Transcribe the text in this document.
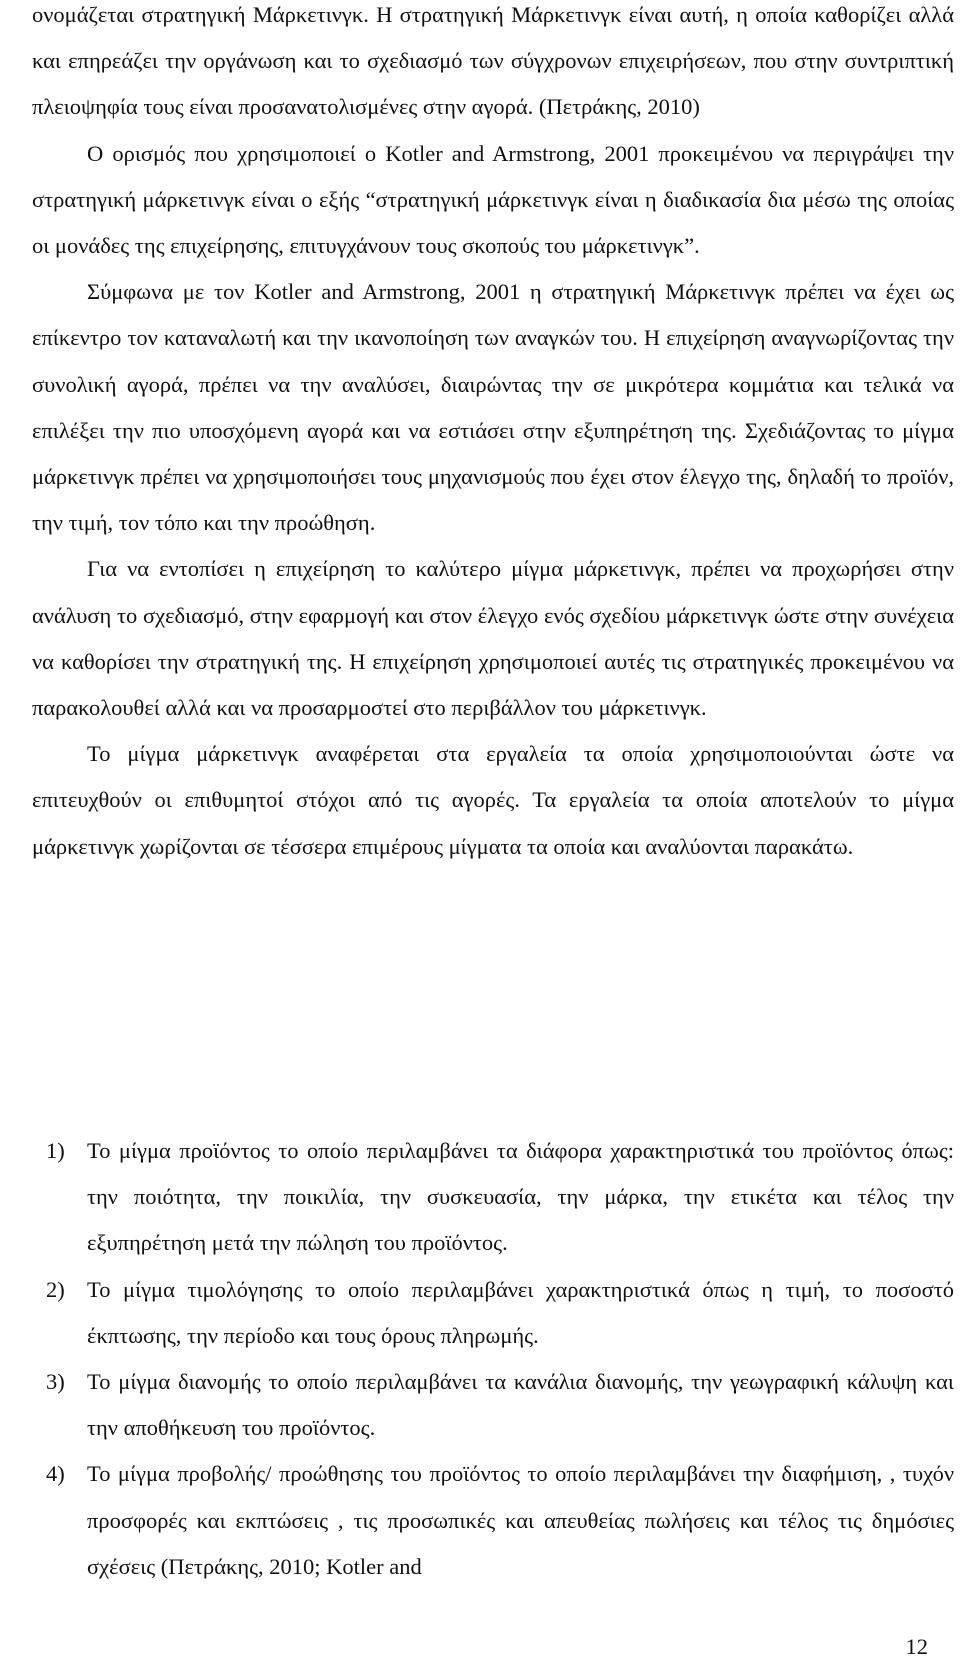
ονομάζεται στρατηγική Μάρκετινγκ. Η στρατηγική Μάρκετινγκ είναι αυτή, η οποία καθορίζει αλλά και επηρεάζει την οργάνωση και το σχεδιασμό των σύγχρονων επιχειρήσεων, που στην συντριπτική πλειοψηφία τους είναι προσανατολισμένες στην αγορά. (Πετράκης, 2010)

Ο ορισμός που χρησιμοποιεί ο Kotler and Armstrong, 2001 προκειμένου να περιγράψει την στρατηγική μάρκετινγκ είναι ο εξής “στρατηγική μάρκετινγκ είναι η διαδικασία δια μέσω της οποίας οι μονάδες της επιχείρησης, επιτυγχάνουν τους σκοπούς του μάρκετινγκ”.

Σύμφωνα με τον Kotler and Armstrong, 2001 η στρατηγική Μάρκετινγκ πρέπει να έχει ως επίκεντρο τον καταναλωτή και την ικανοποίηση των αναγκών του. Η επιχείρηση αναγνωρίζοντας την συνολική αγορά, πρέπει να την αναλύσει, διαιρώντας την σε μικρότερα κομμάτια και τελικά να επιλέξει την πιο υποσχόμενη αγορά και να εστιάσει στην εξυπηρέτηση της. Σχεδιάζοντας το μίγμα μάρκετινγκ πρέπει να χρησιμοποιήσει τους μηχανισμούς που έχει στον έλεγχο της, δηλαδή το προϊόν, την τιμή, τον τόπο και την προώθηση.

Για να εντοπίσει η επιχείρηση το καλύτερο μίγμα μάρκετινγκ, πρέπει να προχωρήσει στην ανάλυση το σχεδιασμό, στην εφαρμογή και στον έλεγχο ενός σχεδίου μάρκετινγκ ώστε στην συνέχεια να καθορίσει την στρατηγική της. Η επιχείρηση χρησιμοποιεί αυτές τις στρατηγικές προκειμένου να παρακολουθεί αλλά και να προσαρμοστεί στο περιβάλλον του μάρκετινγκ.

Το μίγμα μάρκετινγκ αναφέρεται στα εργαλεία τα οποία χρησιμοποιούνται ώστε να επιτευχθούν οι επιθυμητοί στόχοι από τις αγορές. Τα εργαλεία τα οποία αποτελούν το μίγμα μάρκετινγκ χωρίζονται σε τέσσερα επιμέρους μίγματα τα οποία και αναλύονται παρακάτω.

1) Το μίγμα προϊόντος το οποίο περιλαμβάνει τα διάφορα χαρακτηριστικά του προϊόντος όπως: την ποιότητα, την ποικιλία, την συσκευασία, την μάρκα, την ετικέτα και τέλος την εξυπηρέτηση μετά την πώληση του προϊόντος.
2) Το μίγμα τιμολόγησης το οποίο περιλαμβάνει χαρακτηριστικά όπως η τιμή, το ποσοστό έκπτωσης, την περίοδο και τους όρους πληρωμής.
3) Το μίγμα διανομής το οποίο περιλαμβάνει τα κανάλια διανομής, την γεωγραφική κάλυψη και την αποθήκευση του προϊόντος.
4) Το μίγμα προβολής/ προώθησης του προϊόντος το οποίο περιλαμβάνει την διαφήμιση, , τυχόν προσφορές και εκπτώσεις , τις προσωπικές και απευθείας πωλήσεις και τέλος τις δημόσιες σχέσεις (Πετράκης, 2010; Kotler and
12
